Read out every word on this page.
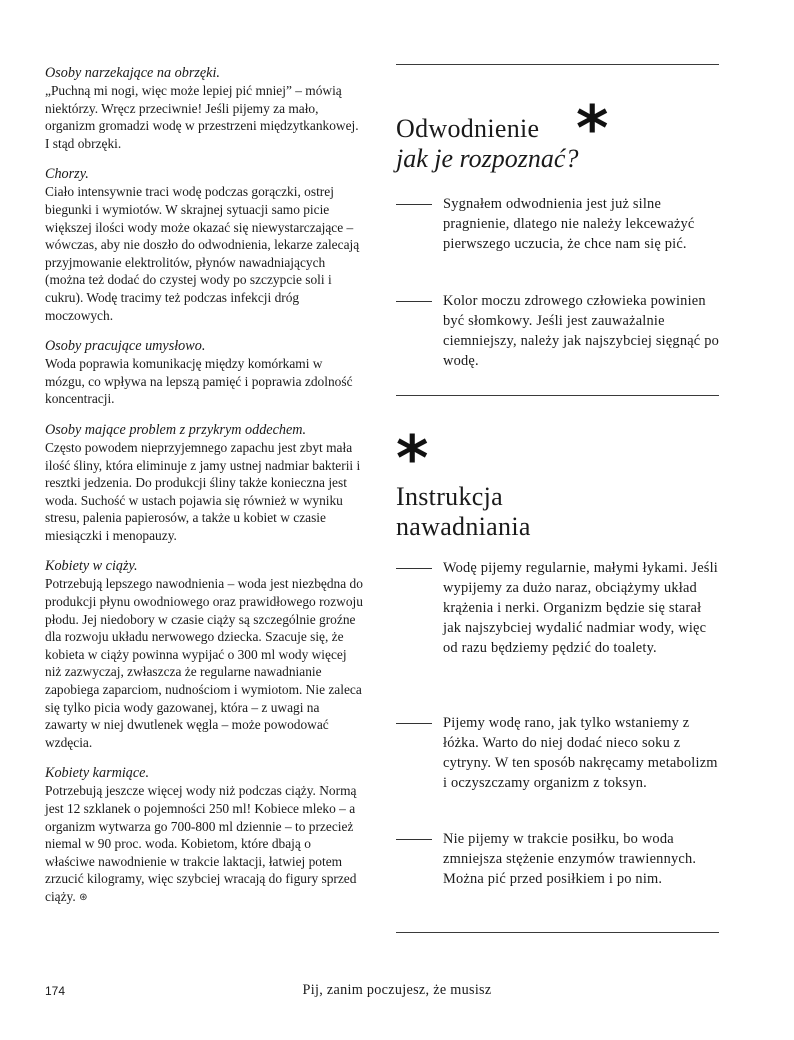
Osoby narzekające na obrzęki.

„Puchną mi nogi, więc może lepiej pić mniej” – mówią niektórzy. Wręcz przeciwnie! Jeśli pijemy za mało, organizm gromadzi wodę w przestrzeni międzytkankowej. I stąd obrzęki.

Chorzy.

Ciało intensywnie traci wodę podczas gorączki, ostrej biegunki i wymiotów. W skrajnej sytuacji samo picie większej ilości wody może okazać się niewystarczające – wówczas, aby nie doszło do odwodnienia, lekarze zalecają przyjmowanie elektrolitów, płynów nawadniających (można też dodać do czystej wody po szczypcie soli i cukru). Wodę tracimy też podczas infekcji dróg moczowych.

Osoby pracujące umysłowo.

Woda poprawia komunikację między komórkami w mózgu, co wpływa na lepszą pamięć i poprawia zdolność koncentracji.

Osoby mające problem z przykrym oddechem.

Często powodem nieprzyjemnego zapachu jest zbyt mała ilość śliny, która eliminuje z jamy ustnej nadmiar bakterii i resztki jedzenia. Do produkcji śliny także konieczna jest woda. Suchość w ustach pojawia się również w wyniku stresu, palenia papierosów, a także u kobiet w czasie miesiączki i menopauzy.

Kobiety w ciąży.

Potrzebują lepszego nawodnienia – woda jest niezbędna do produkcji płynu owodniowego oraz prawidłowego rozwoju płodu. Jej niedobory w czasie ciąży są szczególnie groźne dla rozwoju układu nerwowego dziecka. Szacuje się, że kobieta w ciąży powinna wypijać o 300 ml wody więcej niż zazwyczaj, zwłaszcza że regularne nawadnianie zapobiega zaparciom, nudnościom i wymiotom. Nie zaleca się tylko picia wody gazowanej, która – z uwagi na zawarty w niej dwutlenek węgla – może powodować wzdęcia.

Kobiety karmiące.

Potrzebują jeszcze więcej wody niż podczas ciąży. Normą jest 12 szklanek o pojemności 250 ml! Kobiece mleko – a organizm wytwarza go 700-800 ml dziennie – to przecież niemal w 90 proc. woda. Kobietom, które dbają o właściwe nawodnienie w trakcie laktacji, łatwiej potem zrzucić kilogramy, więc szybciej wracają do figury sprzed ciąży. ⊛

*

Odwodnienie

jak je rozpoznać?

Sygnałem odwodnienia jest już silne pragnienie, dlatego nie należy lekceważyć pierwszego uczucia, że chce nam się pić.
Kolor moczu zdrowego człowieka powinien być słomkowy. Jeśli jest zauważalnie ciemniejszy, należy jak najszybciej sięgnąć po wodę.
*

Instrukcja

nawadniania

Wodę pijemy regularnie, małymi łykami. Jeśli wypijemy za dużo naraz, obciążymy układ krążenia i nerki. Organizm będzie się starał jak najszybciej wydalić nadmiar wody, więc od razu będziemy pędzić do toalety.
Pijemy wodę rano, jak tylko wstaniemy z łóżka. Warto do niej dodać nieco soku z cytryny. W ten sposób nakręcamy metabolizm i oczyszczamy organizm z toksyn.
Nie pijemy w trakcie posiłku, bo woda zmniejsza stężenie enzymów trawiennych. Można pić przed posiłkiem i po nim.
174	Pij, zanim poczujesz, że musisz
